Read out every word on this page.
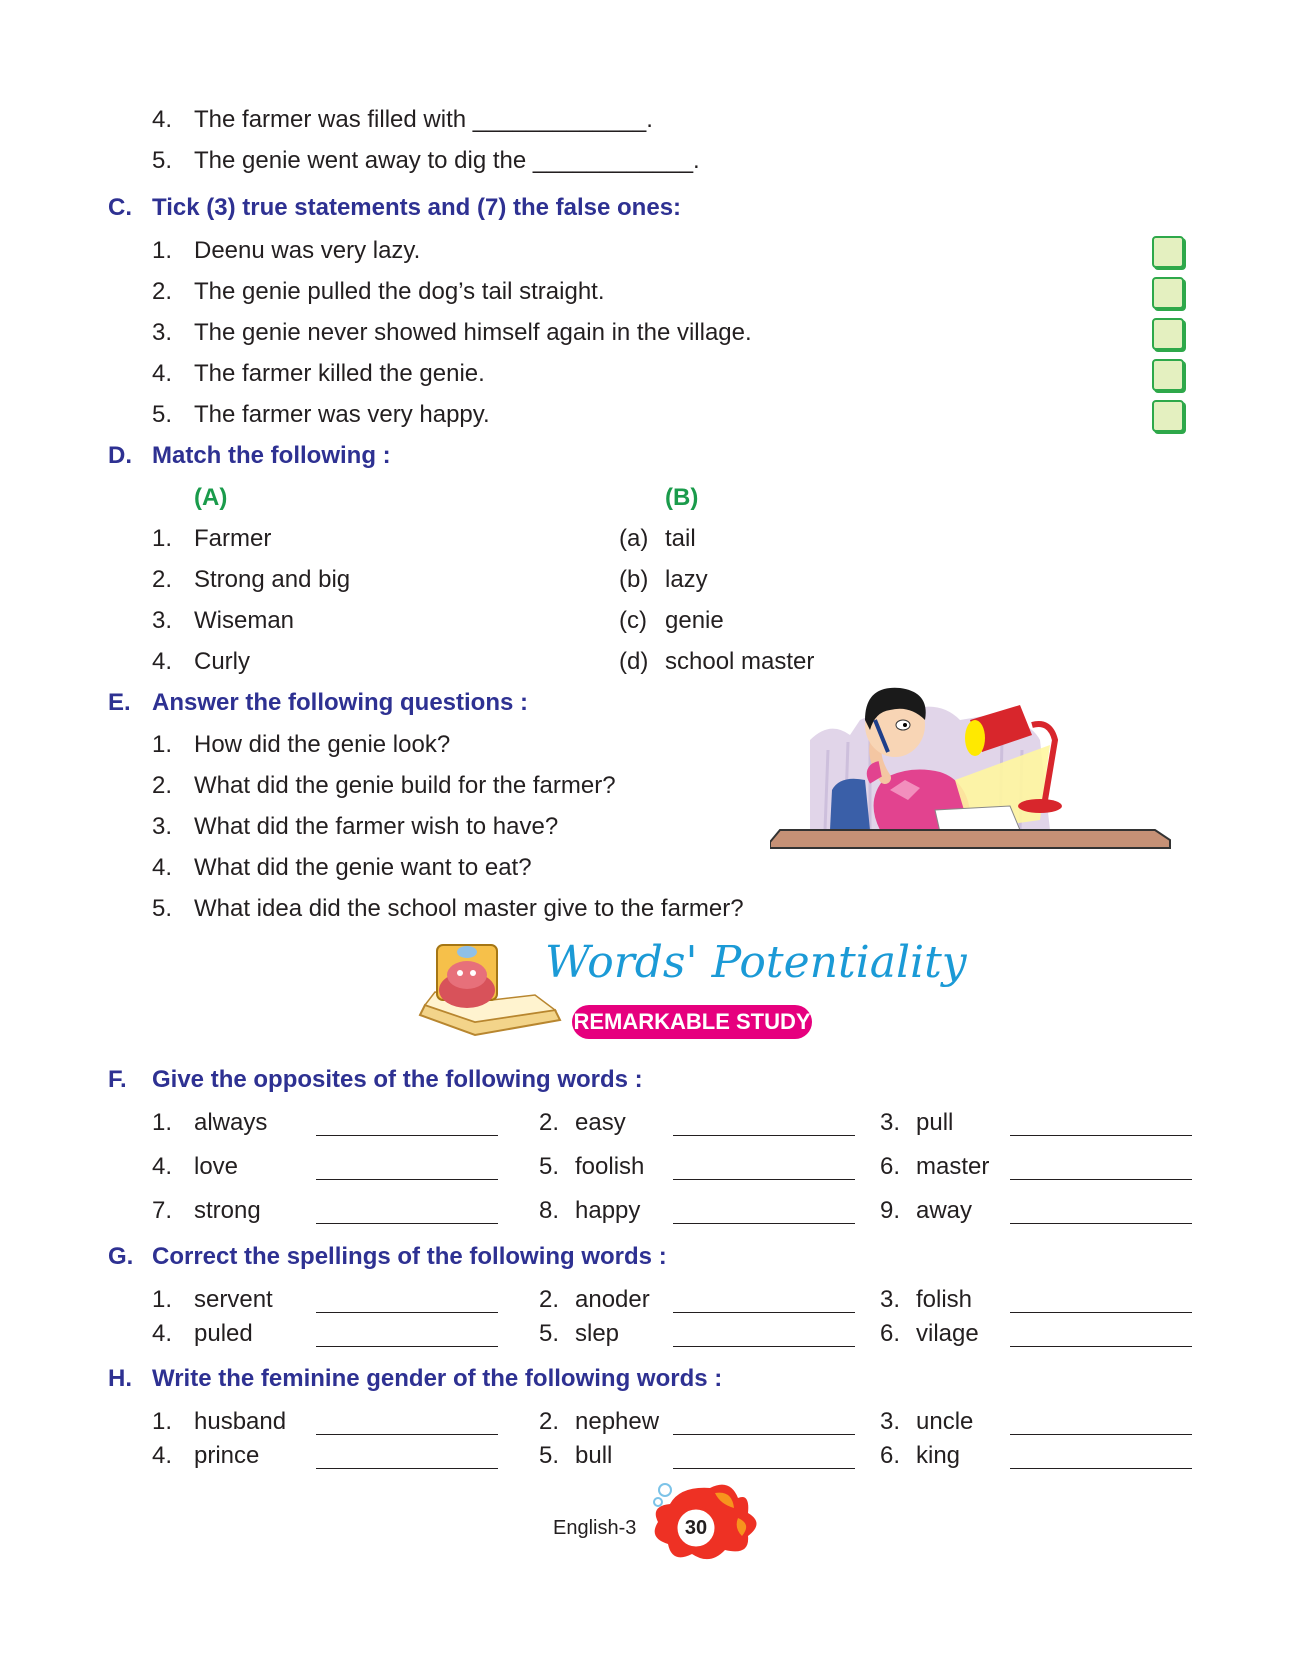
4. The farmer was filled with _____________.
5. The genie went away to dig the ____________.
C. Tick (3) true statements and (7) the false ones:
1. Deenu was very lazy.
2. The genie pulled the dog’s tail straight.
3. The genie never showed himself again in the village.
4. The farmer killed the genie.
5. The farmer was very happy.
D. Match the following :
(A)	(B)
1. Farmer	(a) tail
2. Strong and big	(b) lazy
3. Wiseman	(c) genie
4. Curly	(d) school master
E. Answer the following questions :
1. How did the genie look?
2. What did the genie build for the farmer?
3. What did the farmer wish to have?
4. What did the genie want to eat?
5. What idea did the school master give to the farmer?
Words' Potentiality
REMARKABLE STUDY
F. Give the opposites of the following words :
1. always	2. easy	3. pull
4. love	5. foolish	6. master
7. strong	8. happy	9. away
G. Correct the spellings of the following words :
1. servent	2. anoder	3. folish
4. puled	5. slep	6. vilage
H. Write the feminine gender of the following words :
1. husband	2. nephew	3. uncle
4. prince	5. bull	6. king
English-3	30
